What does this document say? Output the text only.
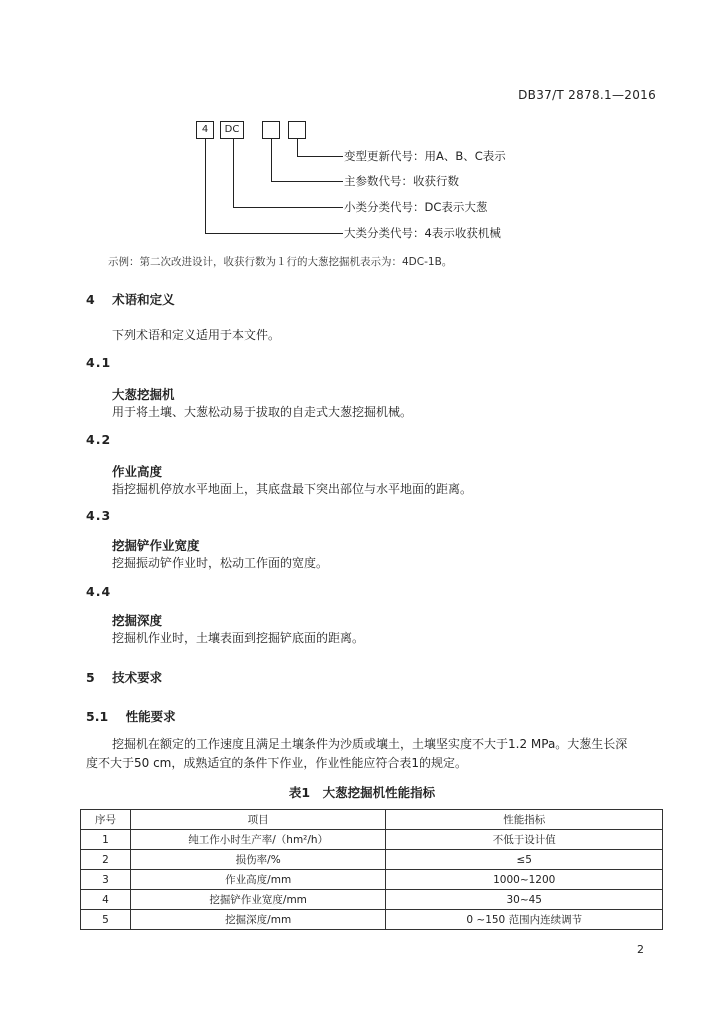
DB37/T 2878.1—2016
4	DC
变型更新代号：用A、B、C表示
主参数代号：收获行数
小类分类代号：DC表示大葱
大类分类代号：4表示收获机械
示例：第二次改进设计，收获行数为１行的大葱挖掘机表示为：4DC-1B。
4 术语和定义
下列术语和定义适用于本文件。
4.1
大葱挖掘机
用于将土壤、大葱松动易于拔取的自走式大葱挖掘机械。
4.2
作业高度
指挖掘机停放水平地面上，其底盘最下突出部位与水平地面的距离。
4.3
挖掘铲作业宽度
挖掘振动铲作业时，松动工作面的宽度。
4.4
挖掘深度
挖掘机作业时，土壤表面到挖掘铲底面的距离。
5 技术要求
5.1 性能要求
挖掘机在额定的工作速度且满足土壤条件为沙质或壤土，土壤坚实度不大于1.2 MPa。大葱生长深
度不大于50 cm，成熟适宜的条件下作业，作业性能应符合表1的规定。
表1　大葱挖掘机性能指标
序号	项目	性能指标
1	纯工作小时生产率/（hm²/h）	不低于设计值
2	损伤率/%	≤5
3	作业高度/mm	1000~1200
4	挖掘铲作业宽度/mm	30~45
5	挖掘深度/mm	0 ~150 范围内连续调节
2
